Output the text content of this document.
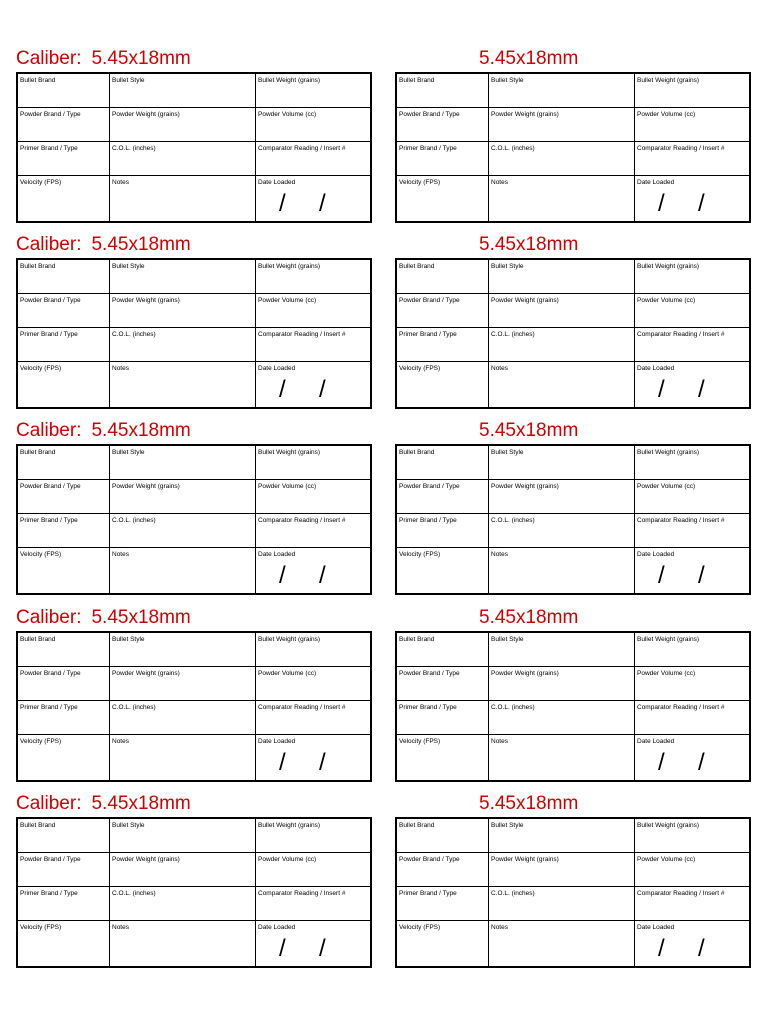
Caliber: 5.45x18mm
Bullet Brand	Bullet Style	Bullet Weight (grains)
Powder Brand / Type	Powder Weight (grains)	Powder Volume (cc)
Primer Brand / Type	C.O.L. (inches)	Comparator Reading / Insert #
Velocity (FPS)	Notes	Date Loaded
/     /
5.45x18mm
Bullet Brand	Bullet Style	Bullet Weight (grains)
Powder Brand / Type	Powder Weight (grains)	Powder Volume (cc)
Primer Brand / Type	C.O.L. (inches)	Comparator Reading / Insert #
Velocity (FPS)	Notes	Date Loaded
/     /
Caliber: 5.45x18mm
Bullet Brand	Bullet Style	Bullet Weight (grains)
Powder Brand / Type	Powder Weight (grains)	Powder Volume (cc)
Primer Brand / Type	C.O.L. (inches)	Comparator Reading / Insert #
Velocity (FPS)	Notes	Date Loaded
/     /
5.45x18mm
Bullet Brand	Bullet Style	Bullet Weight (grains)
Powder Brand / Type	Powder Weight (grains)	Powder Volume (cc)
Primer Brand / Type	C.O.L. (inches)	Comparator Reading / Insert #
Velocity (FPS)	Notes	Date Loaded
/     /
Caliber: 5.45x18mm
Bullet Brand	Bullet Style	Bullet Weight (grains)
Powder Brand / Type	Powder Weight (grains)	Powder Volume (cc)
Primer Brand / Type	C.O.L. (inches)	Comparator Reading / Insert #
Velocity (FPS)	Notes	Date Loaded
/     /
5.45x18mm
Bullet Brand	Bullet Style	Bullet Weight (grains)
Powder Brand / Type	Powder Weight (grains)	Powder Volume (cc)
Primer Brand / Type	C.O.L. (inches)	Comparator Reading / Insert #
Velocity (FPS)	Notes	Date Loaded
/     /
Caliber: 5.45x18mm
Bullet Brand	Bullet Style	Bullet Weight (grains)
Powder Brand / Type	Powder Weight (grains)	Powder Volume (cc)
Primer Brand / Type	C.O.L. (inches)	Comparator Reading / Insert #
Velocity (FPS)	Notes	Date Loaded
/     /
5.45x18mm
Bullet Brand	Bullet Style	Bullet Weight (grains)
Powder Brand / Type	Powder Weight (grains)	Powder Volume (cc)
Primer Brand / Type	C.O.L. (inches)	Comparator Reading / Insert #
Velocity (FPS)	Notes	Date Loaded
/     /
Caliber: 5.45x18mm
Bullet Brand	Bullet Style	Bullet Weight (grains)
Powder Brand / Type	Powder Weight (grains)	Powder Volume (cc)
Primer Brand / Type	C.O.L. (inches)	Comparator Reading / Insert #
Velocity (FPS)	Notes	Date Loaded
/     /
5.45x18mm
Bullet Brand	Bullet Style	Bullet Weight (grains)
Powder Brand / Type	Powder Weight (grains)	Powder Volume (cc)
Primer Brand / Type	C.O.L. (inches)	Comparator Reading / Insert #
Velocity (FPS)	Notes	Date Loaded
/     /
